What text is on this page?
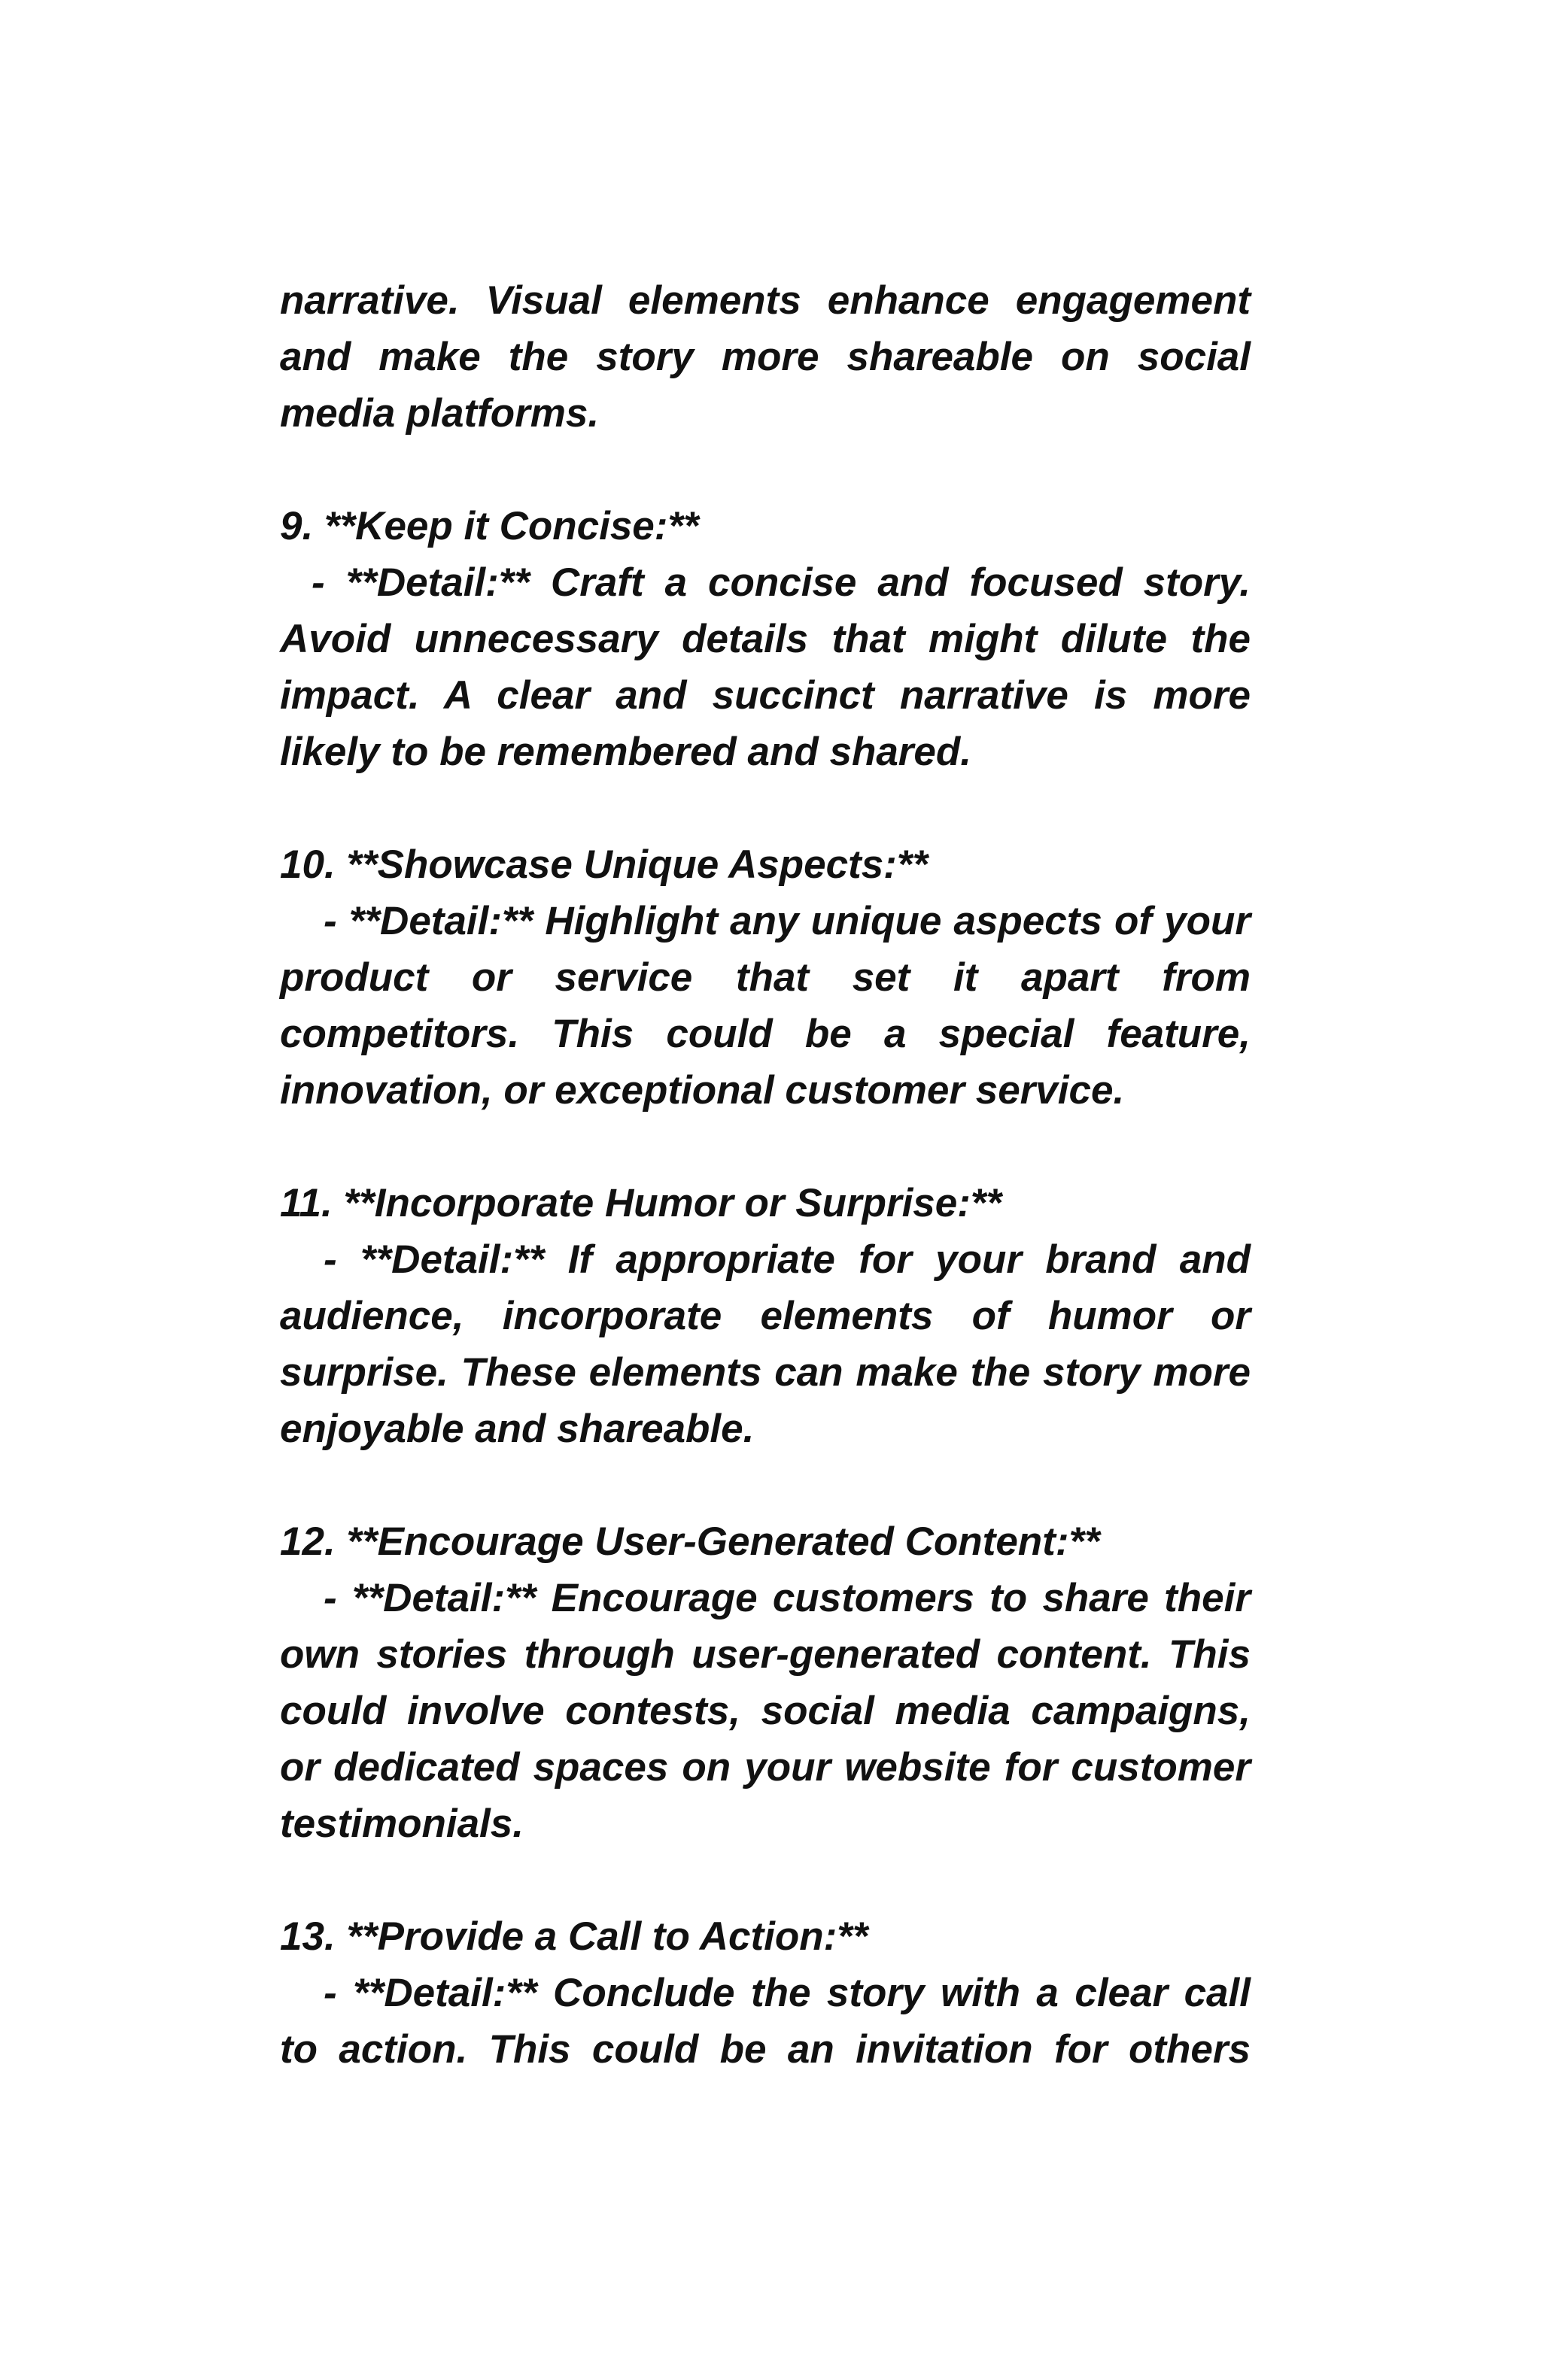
narrative. Visual elements enhance engagement and make the story more shareable on social media platforms.

9. **Keep it Concise:**

- **Detail:** Craft a concise and focused story. Avoid unnecessary details that might dilute the impact. A clear and succinct narrative is more likely to be remembered and shared.

10. **Showcase Unique Aspects:**

- **Detail:** Highlight any unique aspects of your product or service that set it apart from competitors. This could be a special feature, innovation, or exceptional customer service.

11. **Incorporate Humor or Surprise:**

- **Detail:** If appropriate for your brand and audience, incorporate elements of humor or surprise. These elements can make the story more enjoyable and shareable.

12. **Encourage User-Generated Content:**

- **Detail:** Encourage customers to share their own stories through user-generated content. This could involve contests, social media campaigns, or dedicated spaces on your website for customer testimonials.

13. **Provide a Call to Action:**

- **Detail:** Conclude the story with a clear call to action. This could be an invitation for others
